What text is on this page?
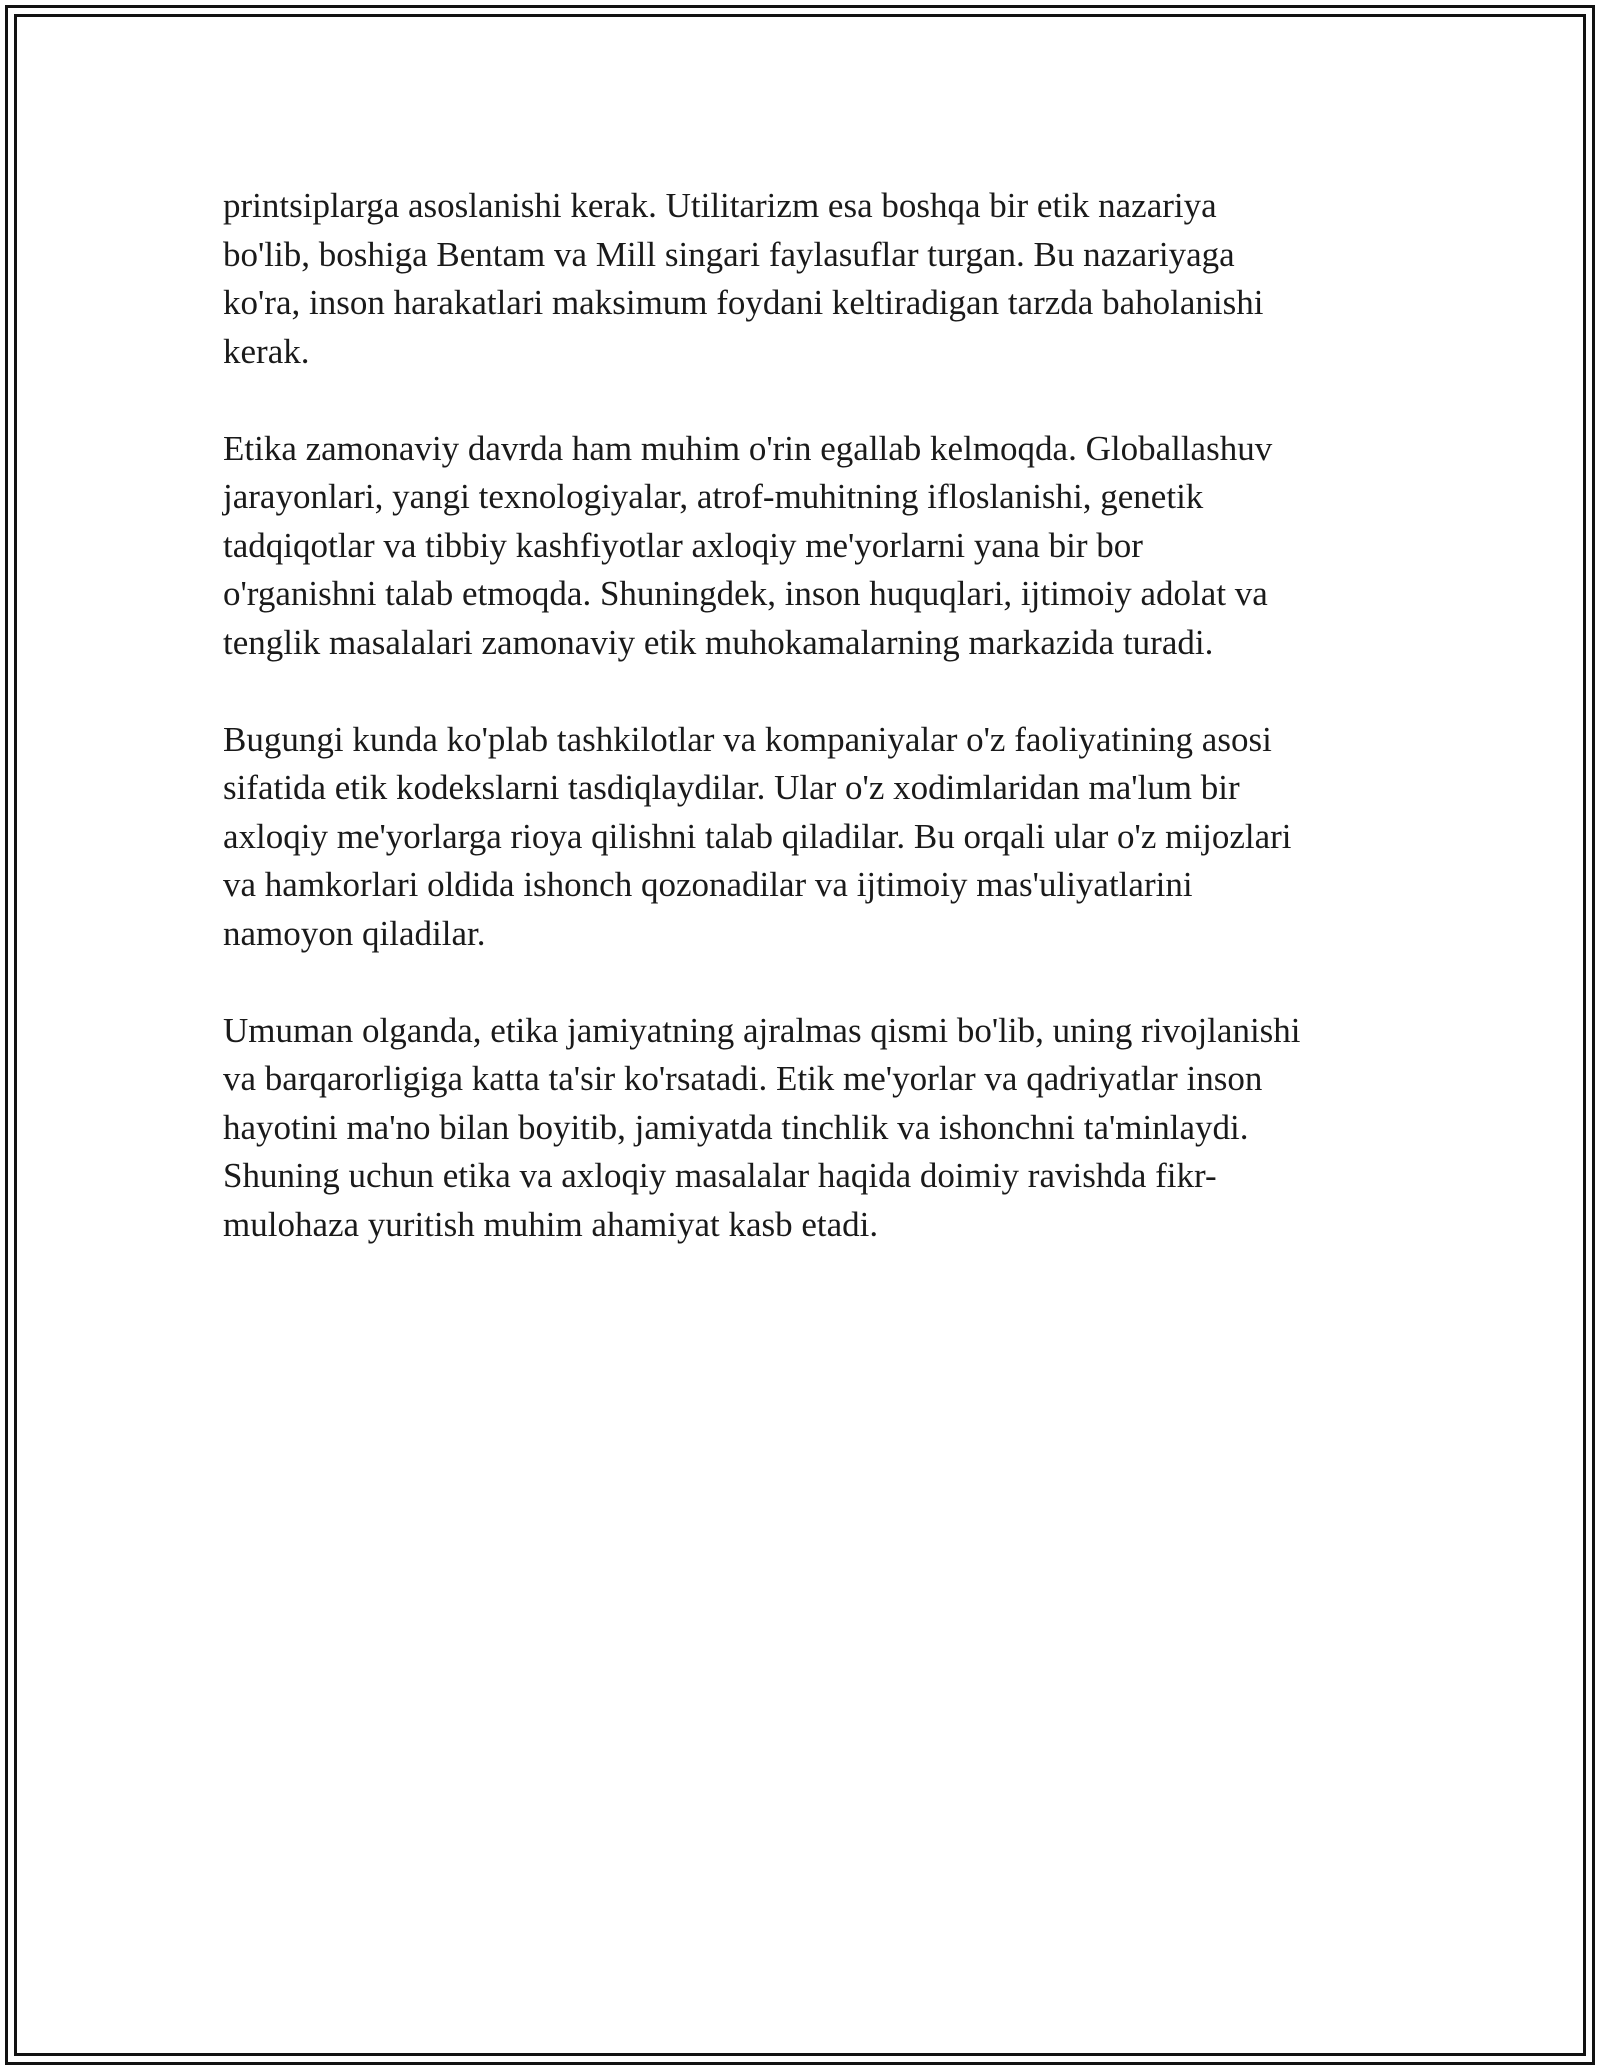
printsiplarga asoslanishi kerak. Utilitarizm esa boshqa bir etik nazariya
bo'lib, boshiga Bentam va Mill singari faylasuflar turgan. Bu nazariyaga
ko'ra, inson harakatlari maksimum foydani keltiradigan tarzda baholanishi
kerak.
Etika zamonaviy davrda ham muhim o'rin egallab kelmoqda. Globallashuv
jarayonlari, yangi texnologiyalar, atrof-muhitning ifloslanishi, genetik
tadqiqotlar va tibbiy kashfiyotlar axloqiy me'yorlarni yana bir bor
o'rganishni talab etmoqda. Shuningdek, inson huquqlari, ijtimoiy adolat va
tenglik masalalari zamonaviy etik muhokamalarning markazida turadi.
Bugungi kunda ko'plab tashkilotlar va kompaniyalar o'z faoliyatining asosi
sifatida etik kodekslarni tasdiqlaydilar. Ular o'z xodimlaridan ma'lum bir
axloqiy me'yorlarga rioya qilishni talab qiladilar. Bu orqali ular o'z mijozlari
va hamkorlari oldida ishonch qozonadilar va ijtimoiy mas'uliyatlarini
namoyon qiladilar.
Umuman olganda, etika jamiyatning ajralmas qismi bo'lib, uning rivojlanishi
va barqarorligiga katta ta'sir ko'rsatadi. Etik me'yorlar va qadriyatlar inson
hayotini ma'no bilan boyitib, jamiyatda tinchlik va ishonchni ta'minlaydi.
Shuning uchun etika va axloqiy masalalar haqida doimiy ravishda fikr-
mulohaza yuritish muhim ahamiyat kasb etadi.
